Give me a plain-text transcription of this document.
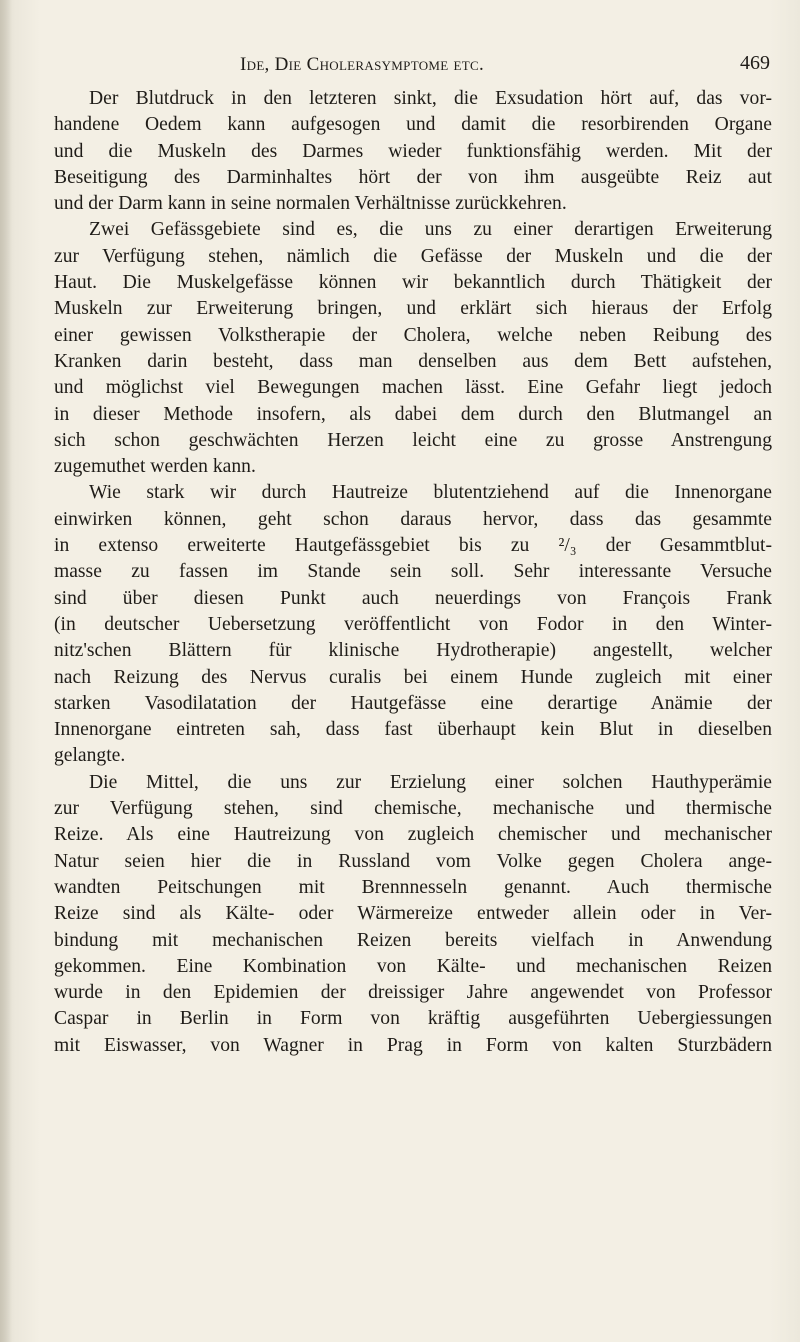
Ide, Die Cholerasymptome etc.	469
Der Blutdruck in den letzteren sinkt, die Exsudation hört auf, das vor-
handene Oedem kann aufgesogen und damit die resorbirenden Organe
und die Muskeln des Darmes wieder funktionsfähig werden. Mit der
Beseitigung des Darminhaltes hört der von ihm ausgeübte Reiz aut
und der Darm kann in seine normalen Verhältnisse zurückkehren.
Zwei Gefässgebiete sind es, die uns zu einer derartigen Erweiterung
zur Verfügung stehen, nämlich die Gefässe der Muskeln und die der
Haut. Die Muskelgefässe können wir bekanntlich durch Thätigkeit der
Muskeln zur Erweiterung bringen, und erklärt sich hieraus der Erfolg
einer gewissen Volkstherapie der Cholera, welche neben Reibung des
Kranken darin besteht, dass man denselben aus dem Bett aufstehen,
und möglichst viel Bewegungen machen lässt. Eine Gefahr liegt jedoch
in dieser Methode insofern, als dabei dem durch den Blutmangel an
sich schon geschwächten Herzen leicht eine zu grosse Anstrengung
zugemuthet werden kann.
Wie stark wir durch Hautreize blutentziehend auf die Innenorgane
einwirken können, geht schon daraus hervor, dass das gesammte
in extenso erweiterte Hautgefässgebiet bis zu ²/₃ der Gesammtblut-
masse zu fassen im Stande sein soll. Sehr interessante Versuche
sind über diesen Punkt auch neuerdings von François Frank
(in deutscher Uebersetzung veröffentlicht von Fodor in den Winter-
nitz'schen Blättern für klinische Hydrotherapie) angestellt, welcher
nach Reizung des Nervus curalis bei einem Hunde zugleich mit einer
starken Vasodilatation der Hautgefässe eine derartige Anämie der
Innenorgane eintreten sah, dass fast überhaupt kein Blut in dieselben
gelangte.
Die Mittel, die uns zur Erzielung einer solchen Hauthyperämie
zur Verfügung stehen, sind chemische, mechanische und thermische
Reize. Als eine Hautreizung von zugleich chemischer und mechanischer
Natur seien hier die in Russland vom Volke gegen Cholera ange-
wandten Peitschungen mit Brennnesseln genannt. Auch thermische
Reize sind als Kälte- oder Wärmereize entweder allein oder in Ver-
bindung mit mechanischen Reizen bereits vielfach in Anwendung
gekommen. Eine Kombination von Kälte- und mechanischen Reizen
wurde in den Epidemien der dreissiger Jahre angewendet von Professor
Caspar in Berlin in Form von kräftig ausgeführten Uebergiessungen
mit Eiswasser, von Wagner in Prag in Form von kalten Sturzbädern
